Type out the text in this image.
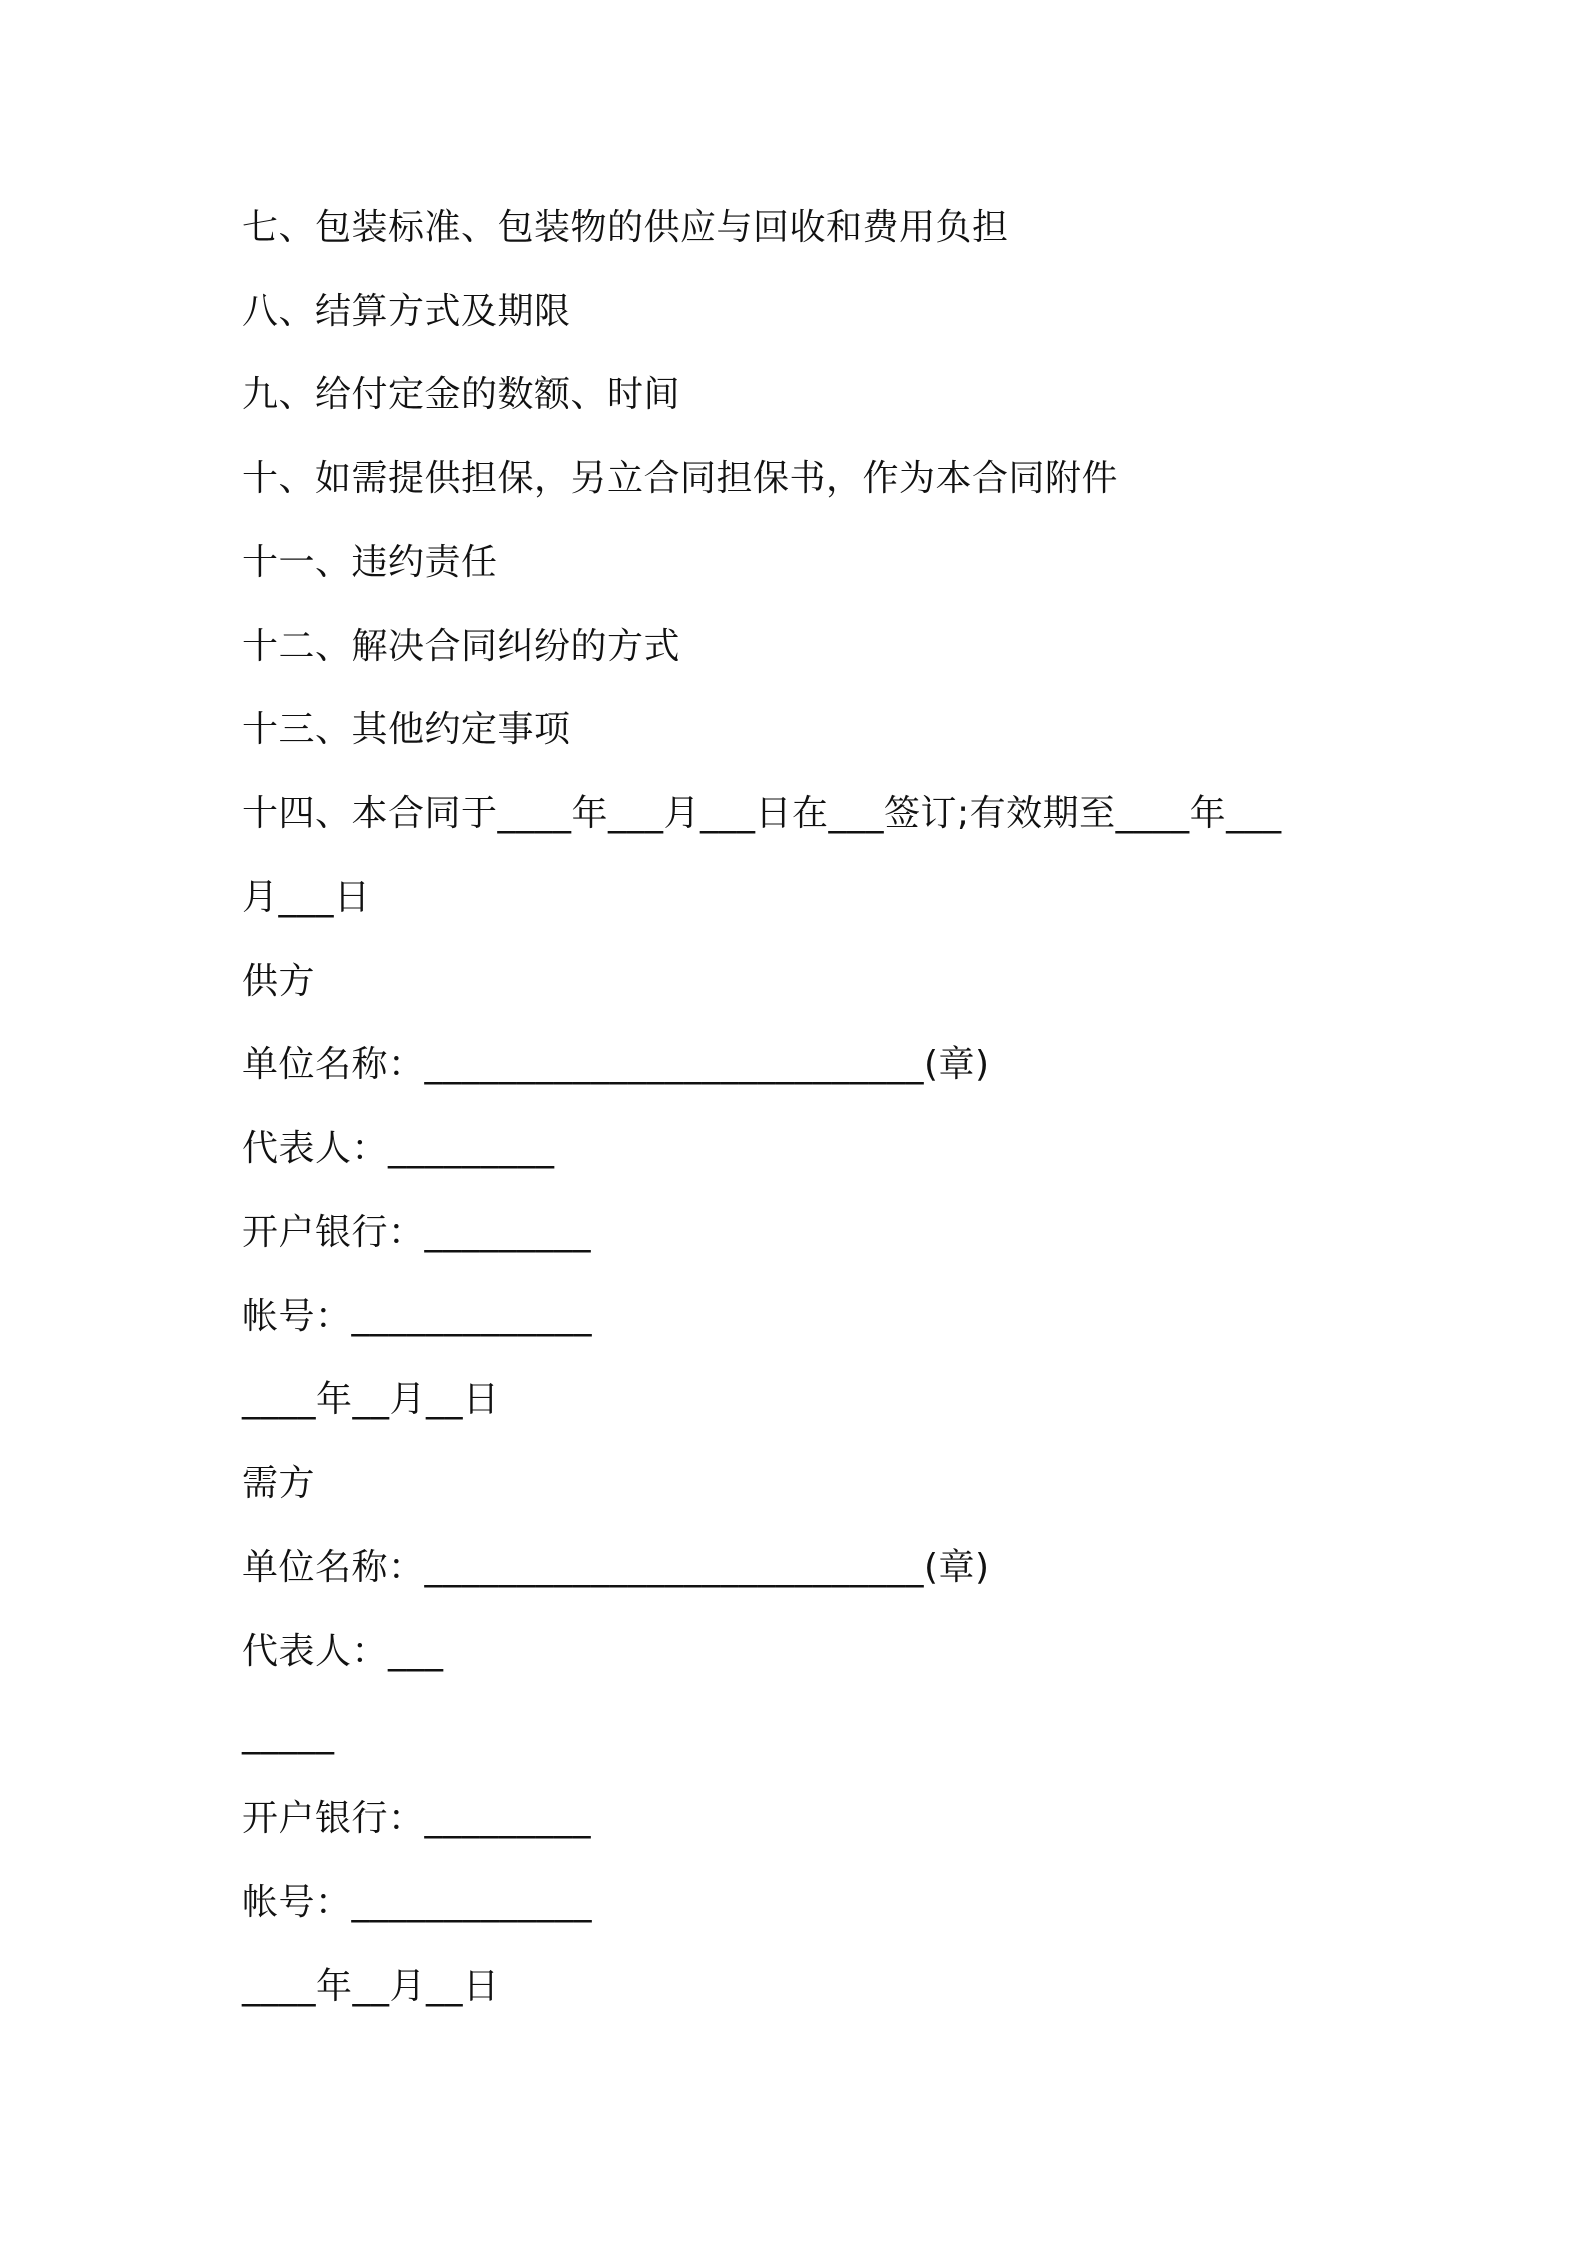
七、包装标准、包装物的供应与回收和费用负担
八、结算方式及期限
九、给付定金的数额、时间
十、如需提供担保，另立合同担保书，作为本合同附件
十一、违约责任
十二、解决合同纠纷的方式
十三、其他约定事项
十四、本合同于____年___月___日在___签订;有效期至____年___
月___日
供方
单位名称：___________________________(章)
代表人：_________
开户银行：_________
帐号：_____________
____年__月__日
需方
单位名称：___________________________(章)
代表人：___
_____
开户银行：_________
帐号：_____________
____年__月__日
